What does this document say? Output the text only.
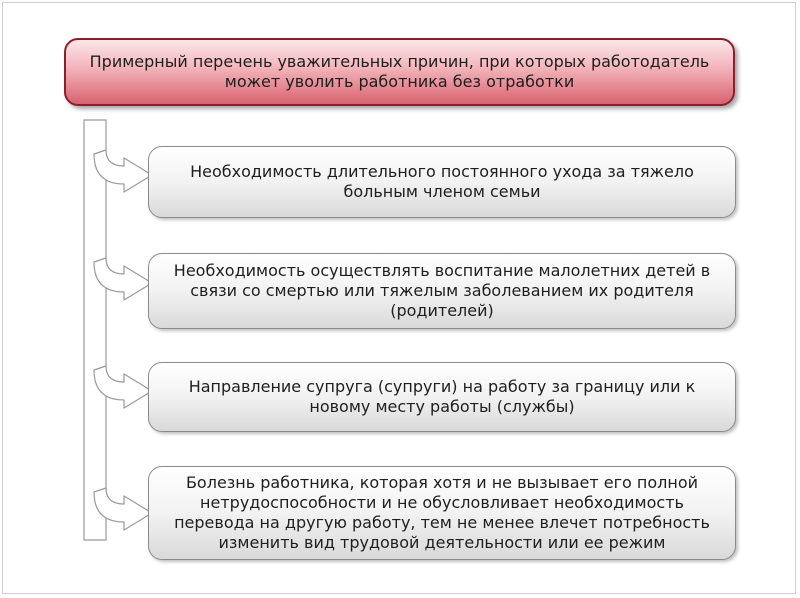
Примерный перечень уважительных причин, при которых работодатель может уволить работника без отработки
Необходимость длительного постоянного ухода за тяжело больным членом семьи
Необходимость осуществлять воспитание малолетних детей в связи со смертью или тяжелым заболеванием их родителя (родителей)
Направление супруга (супруги) на работу за границу или к новому месту работы (службы)
Болезнь работника, которая хотя и не вызывает его полной нетрудоспособности и не обусловливает необходимость перевода на другую работу, тем не менее влечет потребность изменить вид трудовой деятельности или ее режим
